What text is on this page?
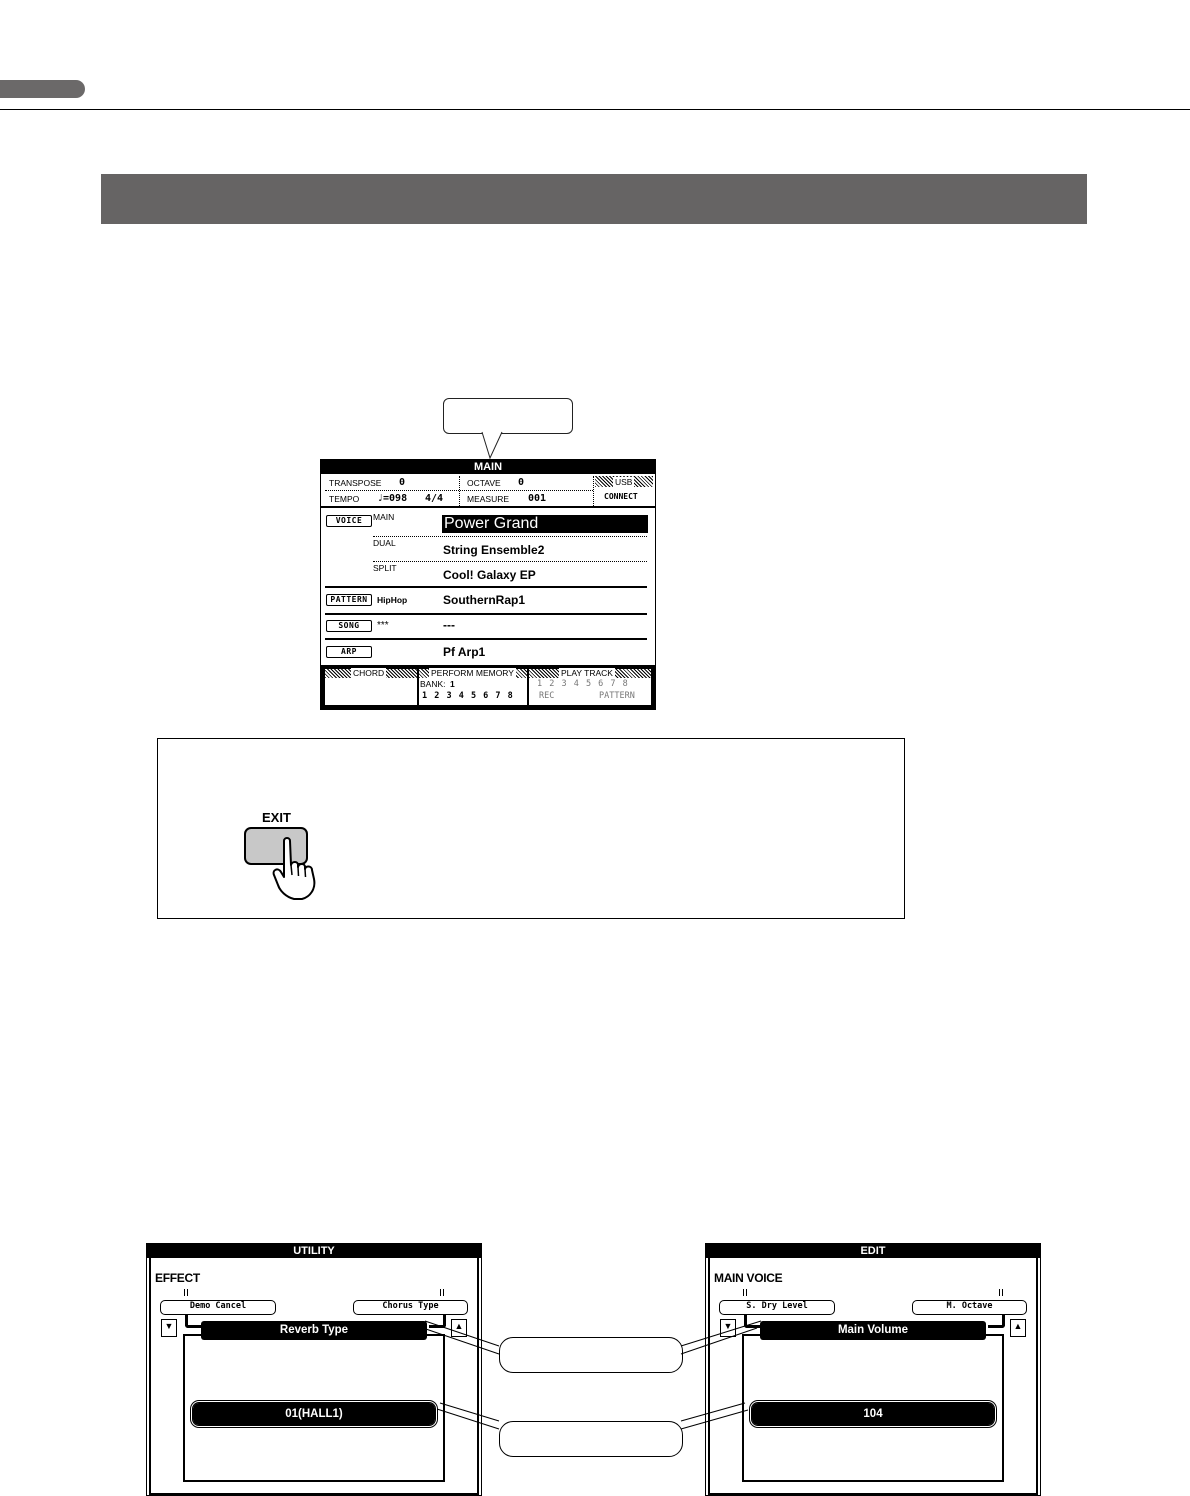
MAIN
TRANSPOSE 0	OCTAVE 0	USB
TEMPO ♩=098 4/4	MEASURE 001	CONNECT
VOICE	MAIN	Power Grand
DUAL	String Ensemble2
SPLIT	Cool! Galaxy EP
PATTERN	HipHop	SouthernRap1
SONG	***	---
ARP	Pf Arp1
CHORD	PERFORM MEMORY
BANK: 1
1 2 3 4 5 6 7 8
PLAY TRACK
1 2 3 4 5 6 7 8
REC	PATTERN
EXIT
UTILITY
EFFECT
Demo Cancel	Chorus Type
▼	▲
Reverb Type
01(HALL1)
EDIT
MAIN VOICE
S. Dry Level	M. Octave
▼	▲
Main Volume
104
